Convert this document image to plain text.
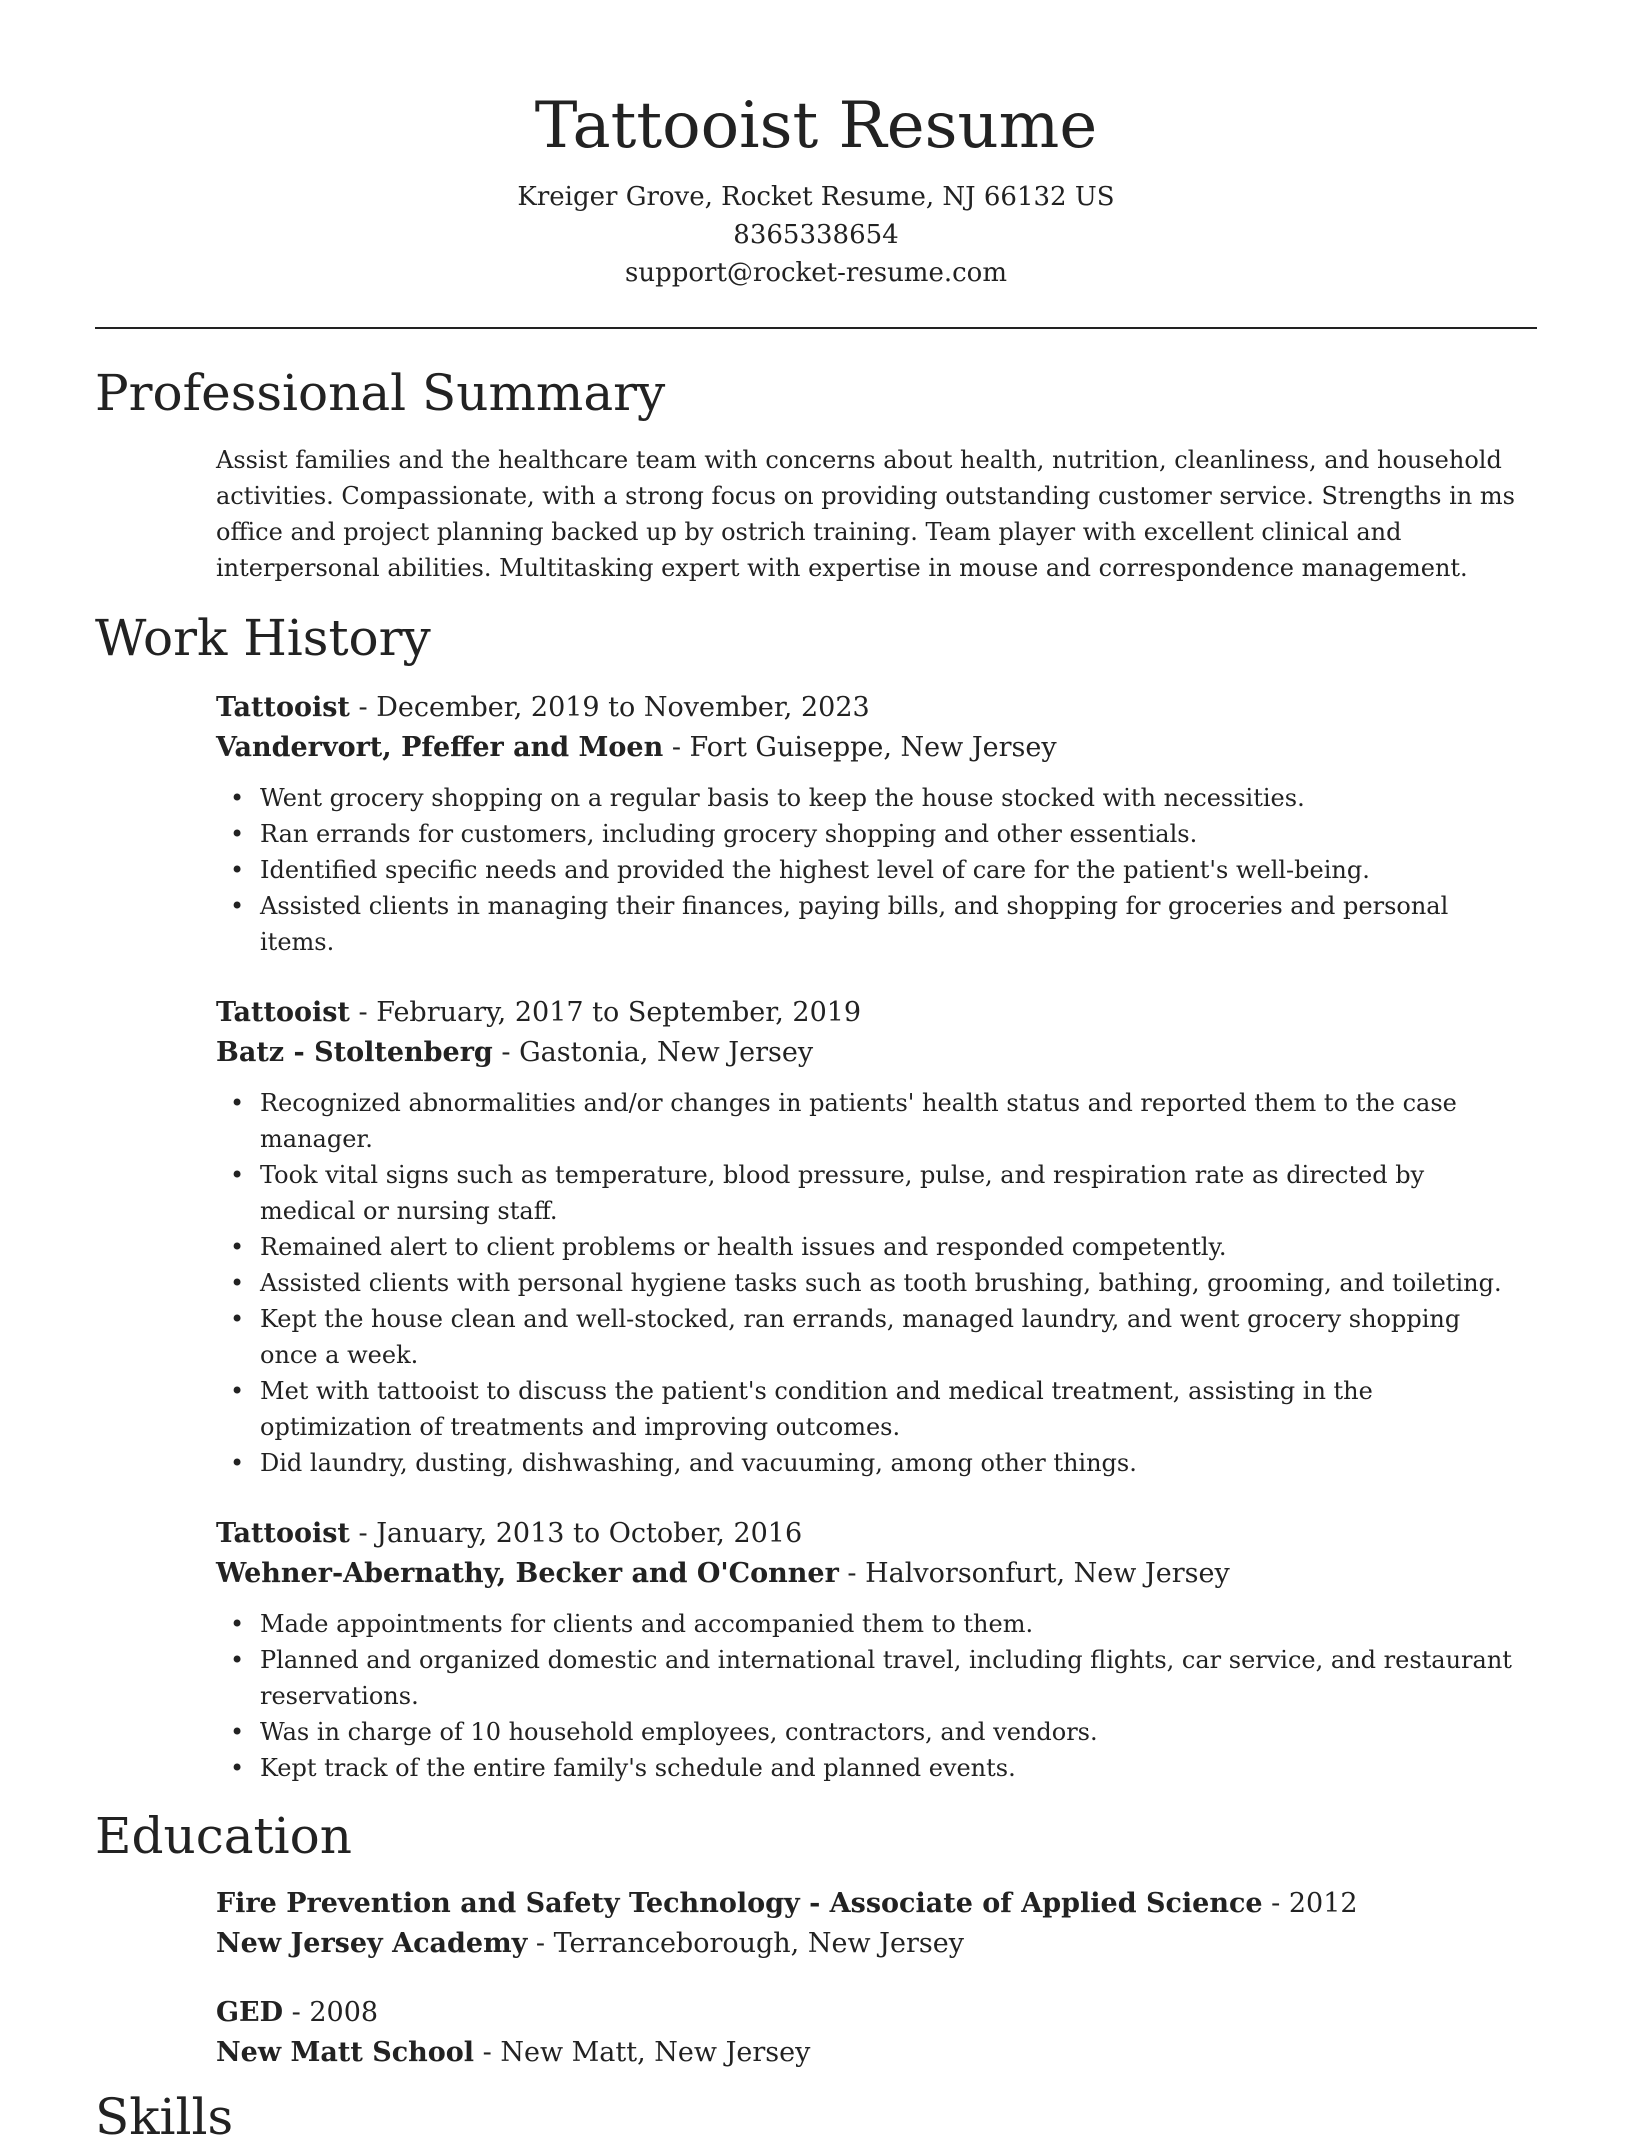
Tattooist Resume
Kreiger Grove, Rocket Resume, NJ 66132 US
8365338654
support@rocket-resume.com
Professional Summary
Assist families and the healthcare team with concerns about health, nutrition, cleanliness, and household activities. Compassionate, with a strong focus on providing outstanding customer service. Strengths in ms office and project planning backed up by ostrich training. Team player with excellent clinical and interpersonal abilities. Multitasking expert with expertise in mouse and correspondence management.
Work History
Tattooist - December, 2019 to November, 2023
Vandervort, Pfeffer and Moen - Fort Guiseppe, New Jersey
• Went grocery shopping on a regular basis to keep the house stocked with necessities.
• Ran errands for customers, including grocery shopping and other essentials.
• Identified specific needs and provided the highest level of care for the patient's well-being.
• Assisted clients in managing their finances, paying bills, and shopping for groceries and personal items.
Tattooist - February, 2017 to September, 2019
Batz - Stoltenberg - Gastonia, New Jersey
• Recognized abnormalities and/or changes in patients' health status and reported them to the case manager.
• Took vital signs such as temperature, blood pressure, pulse, and respiration rate as directed by medical or nursing staff.
• Remained alert to client problems or health issues and responded competently.
• Assisted clients with personal hygiene tasks such as tooth brushing, bathing, grooming, and toileting.
• Kept the house clean and well-stocked, ran errands, managed laundry, and went grocery shopping once a week.
• Met with tattooist to discuss the patient's condition and medical treatment, assisting in the optimization of treatments and improving outcomes.
• Did laundry, dusting, dishwashing, and vacuuming, among other things.
Tattooist - January, 2013 to October, 2016
Wehner-Abernathy, Becker and O'Conner - Halvorsonfurt, New Jersey
• Made appointments for clients and accompanied them to them.
• Planned and organized domestic and international travel, including flights, car service, and restaurant reservations.
• Was in charge of 10 household employees, contractors, and vendors.
• Kept track of the entire family's schedule and planned events.
Education
Fire Prevention and Safety Technology - Associate of Applied Science - 2012
New Jersey Academy - Terranceborough, New Jersey
GED - 2008
New Matt School - New Matt, New Jersey
Skills
